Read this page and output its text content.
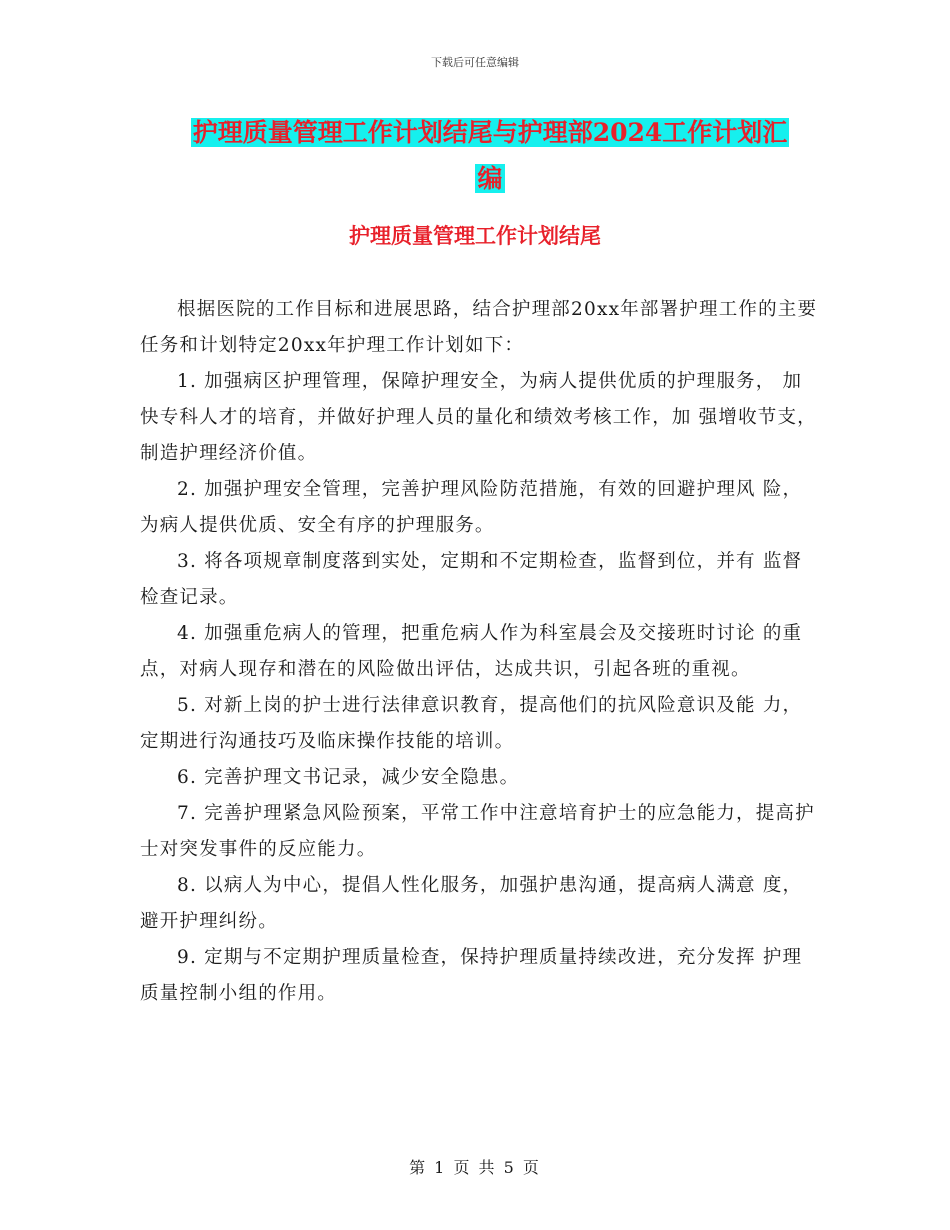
下载后可任意编辑
护理质量管理工作计划结尾与护理部2024工作计划汇
编
护理质量管理工作计划结尾

根据医院的工作目标和进展思路，结合护理部20xx年部署护理工作的主要任务和计划特定20xx年护理工作计划如下：

1. 加强病区护理管理，保障护理安全，为病人提供优质的护理服务， 加快专科人才的培育，并做好护理人员的量化和绩效考核工作，加 强增收节支，制造护理经济价值。

2. 加强护理安全管理，完善护理风险防范措施，有效的回避护理风 险，为病人提供优质、安全有序的护理服务。

3. 将各项规章制度落到实处，定期和不定期检查，监督到位，并有 监督检查记录。

4. 加强重危病人的管理，把重危病人作为科室晨会及交接班时讨论 的重点，对病人现存和潜在的风险做出评估，达成共识，引起各班的重视。

5. 对新上岗的护士进行法律意识教育，提高他们的抗风险意识及能 力，定期进行沟通技巧及临床操作技能的培训。

6. 完善护理文书记录，减少安全隐患。

7. 完善护理紧急风险预案，平常工作中注意培育护士的应急能力，提高护士对突发事件的反应能力。

8. 以病人为中心，提倡人性化服务，加强护患沟通，提高病人满意 度，避开护理纠纷。

9. 定期与不定期护理质量检查，保持护理质量持续改进，充分发挥 护理质量控制小组的作用。

第 1 页 共 5 页
